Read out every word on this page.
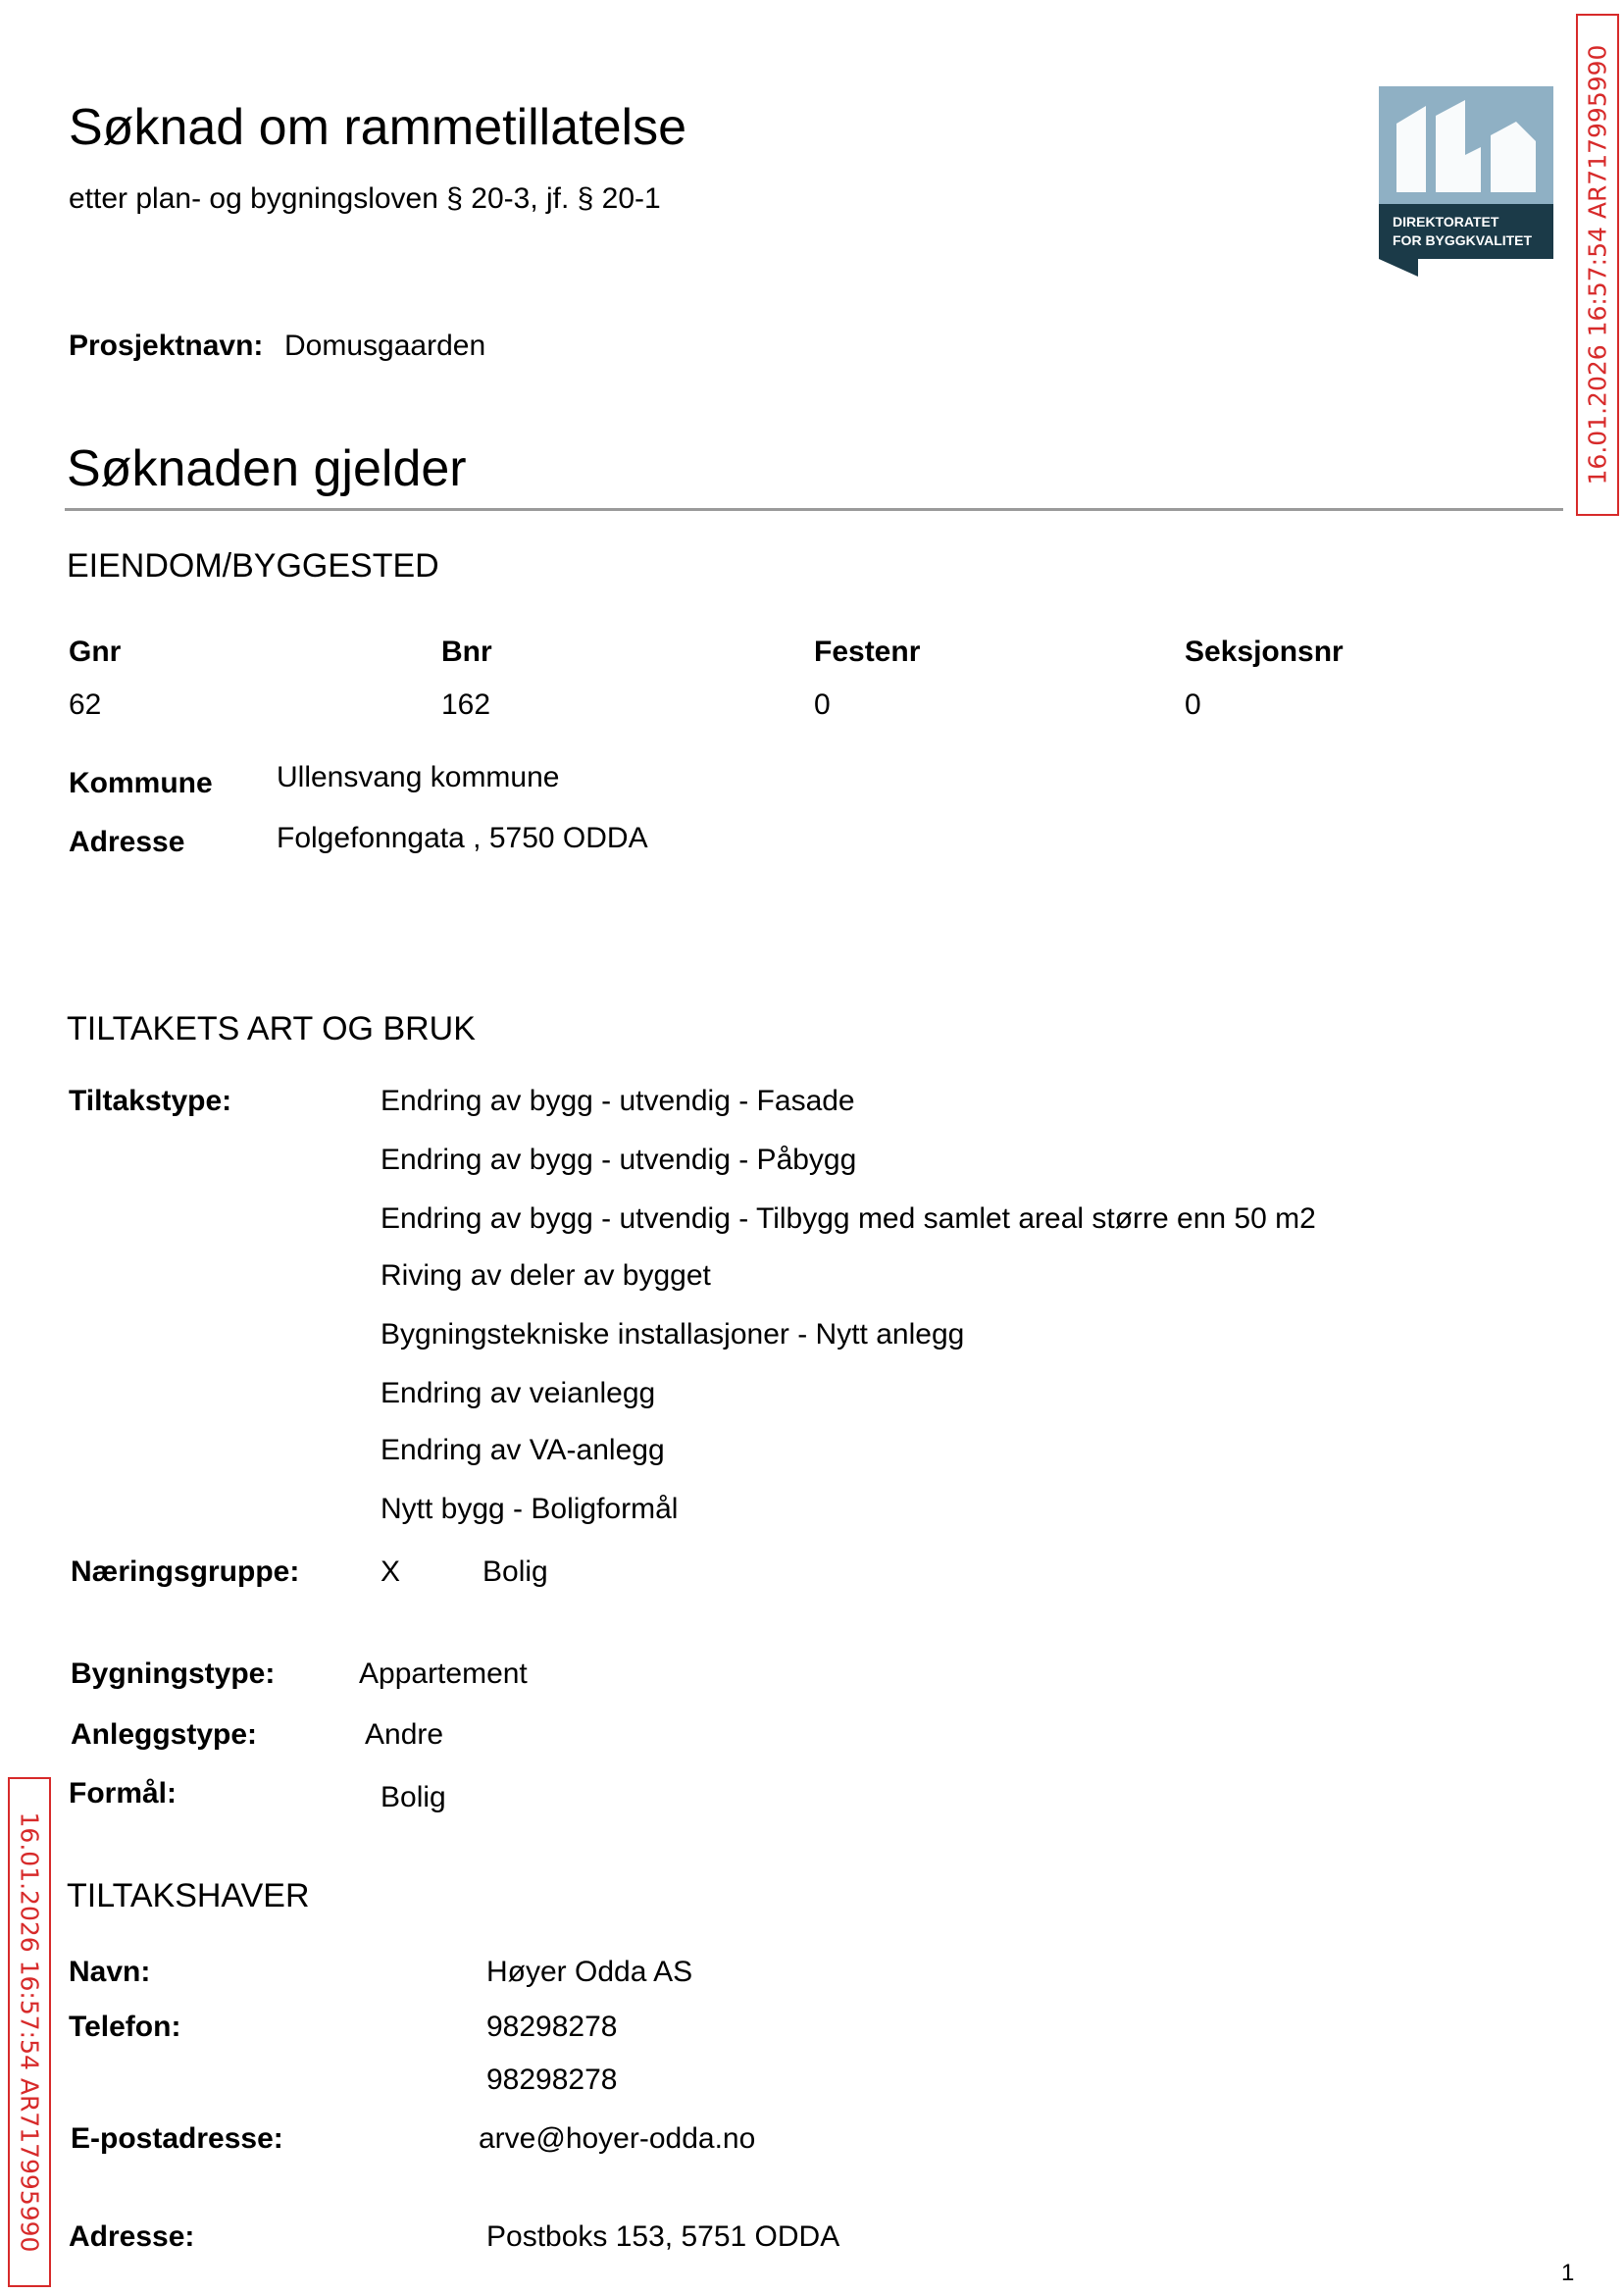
Søknad om rammetillatelse
etter plan- og bygningsloven § 20-3, jf. § 20-1
DIREKTORATET
FOR BYGGKVALITET 16.01.2026 16:57:54 AR717995990
16.01.2026 16:57:54 AR717995990
Prosjektnavn: Domusgaarden
Søknaden gjelder
EIENDOM/BYGGESTED
Gnr	Bnr	Festenr	Seksjonsnr
62	162	0	0
Kommune Ullensvang kommune
Adresse	Folgefonngata , 5750 ODDA
TILTAKETS ART OG BRUK
Tiltakstype:	Endring av bygg - utvendig - Fasade
Endring av bygg - utvendig - Påbygg
Endring av bygg - utvendig - Tilbygg med samlet areal større enn 50 m2
Riving av deler av bygget
Bygningstekniske installasjoner - Nytt anlegg
Endring av veianlegg
Endring av VA-anlegg
Nytt bygg - Boligformål
Næringsgruppe:	X	Bolig
Bygningstype:	Appartement
Anleggstype:	Andre
Formål:	Bolig
TILTAKSHAVER
Navn:	Høyer Odda AS
Telefon:	98298278
98298278
E-postadresse:	arve@hoyer-odda.no
Adresse:	Postboks 153, 5751 ODDA
1
